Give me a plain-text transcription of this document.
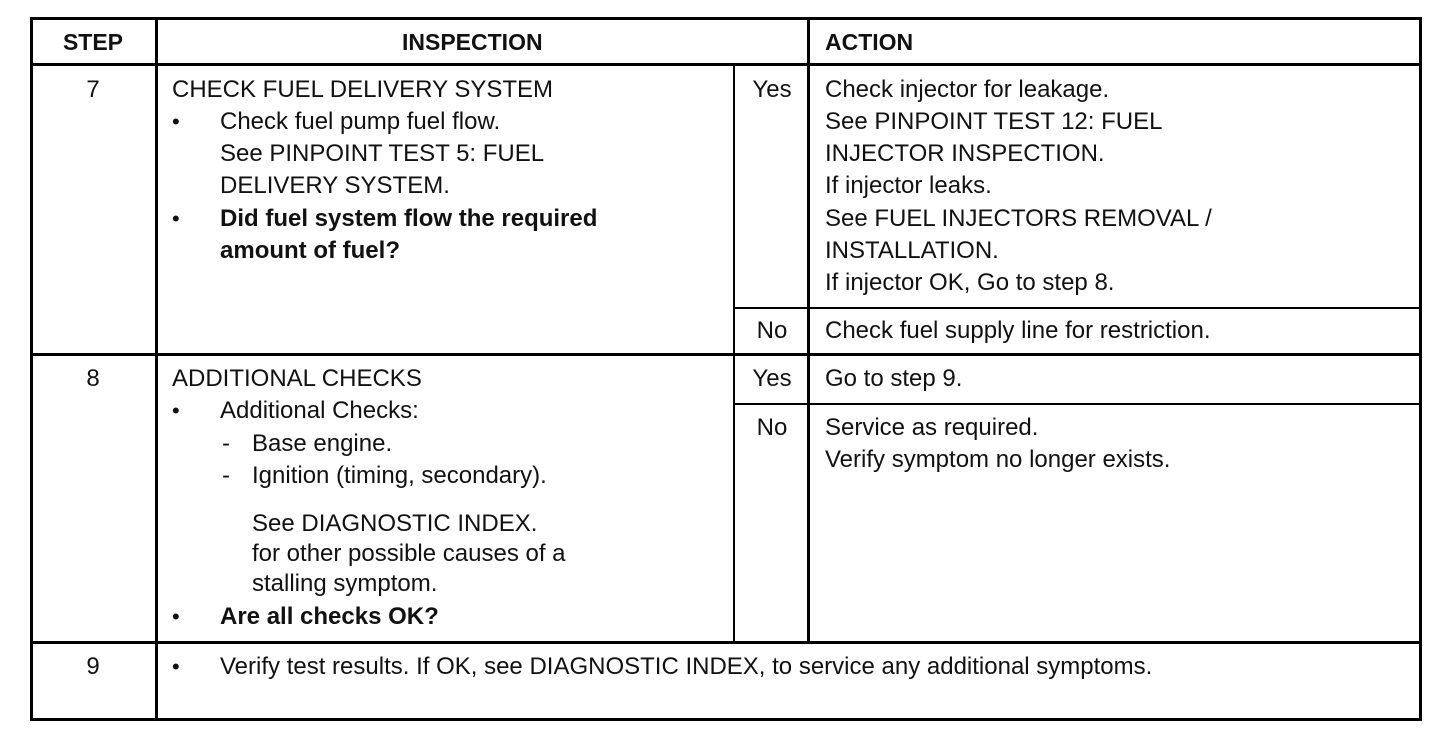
STEP	INSPECTION	ACTION
7	CHECK FUEL DELIVERY SYSTEM
• Check fuel pump fuel flow.
See PINPOINT TEST 5: FUEL
DELIVERY SYSTEM.
• Did fuel system flow the required
amount of fuel?
Yes	Check injector for leakage.
See PINPOINT TEST 12: FUEL
INJECTOR INSPECTION.
If injector leaks.
See FUEL INJECTORS REMOVAL /
INSTALLATION.
If injector OK, Go to step 8.
No	Check fuel supply line for restriction.
8	ADDITIONAL CHECKS
• Additional Checks:
- Base engine.
- Ignition (timing, secondary).
See DIAGNOSTIC INDEX.
for other possible causes of a
stalling symptom.
• Are all checks OK?
Yes	Go to step 9.
No	Service as required.
Verify symptom no longer exists.
9	• Verify test results. If OK, see DIAGNOSTIC INDEX, to service any additional symptoms.
